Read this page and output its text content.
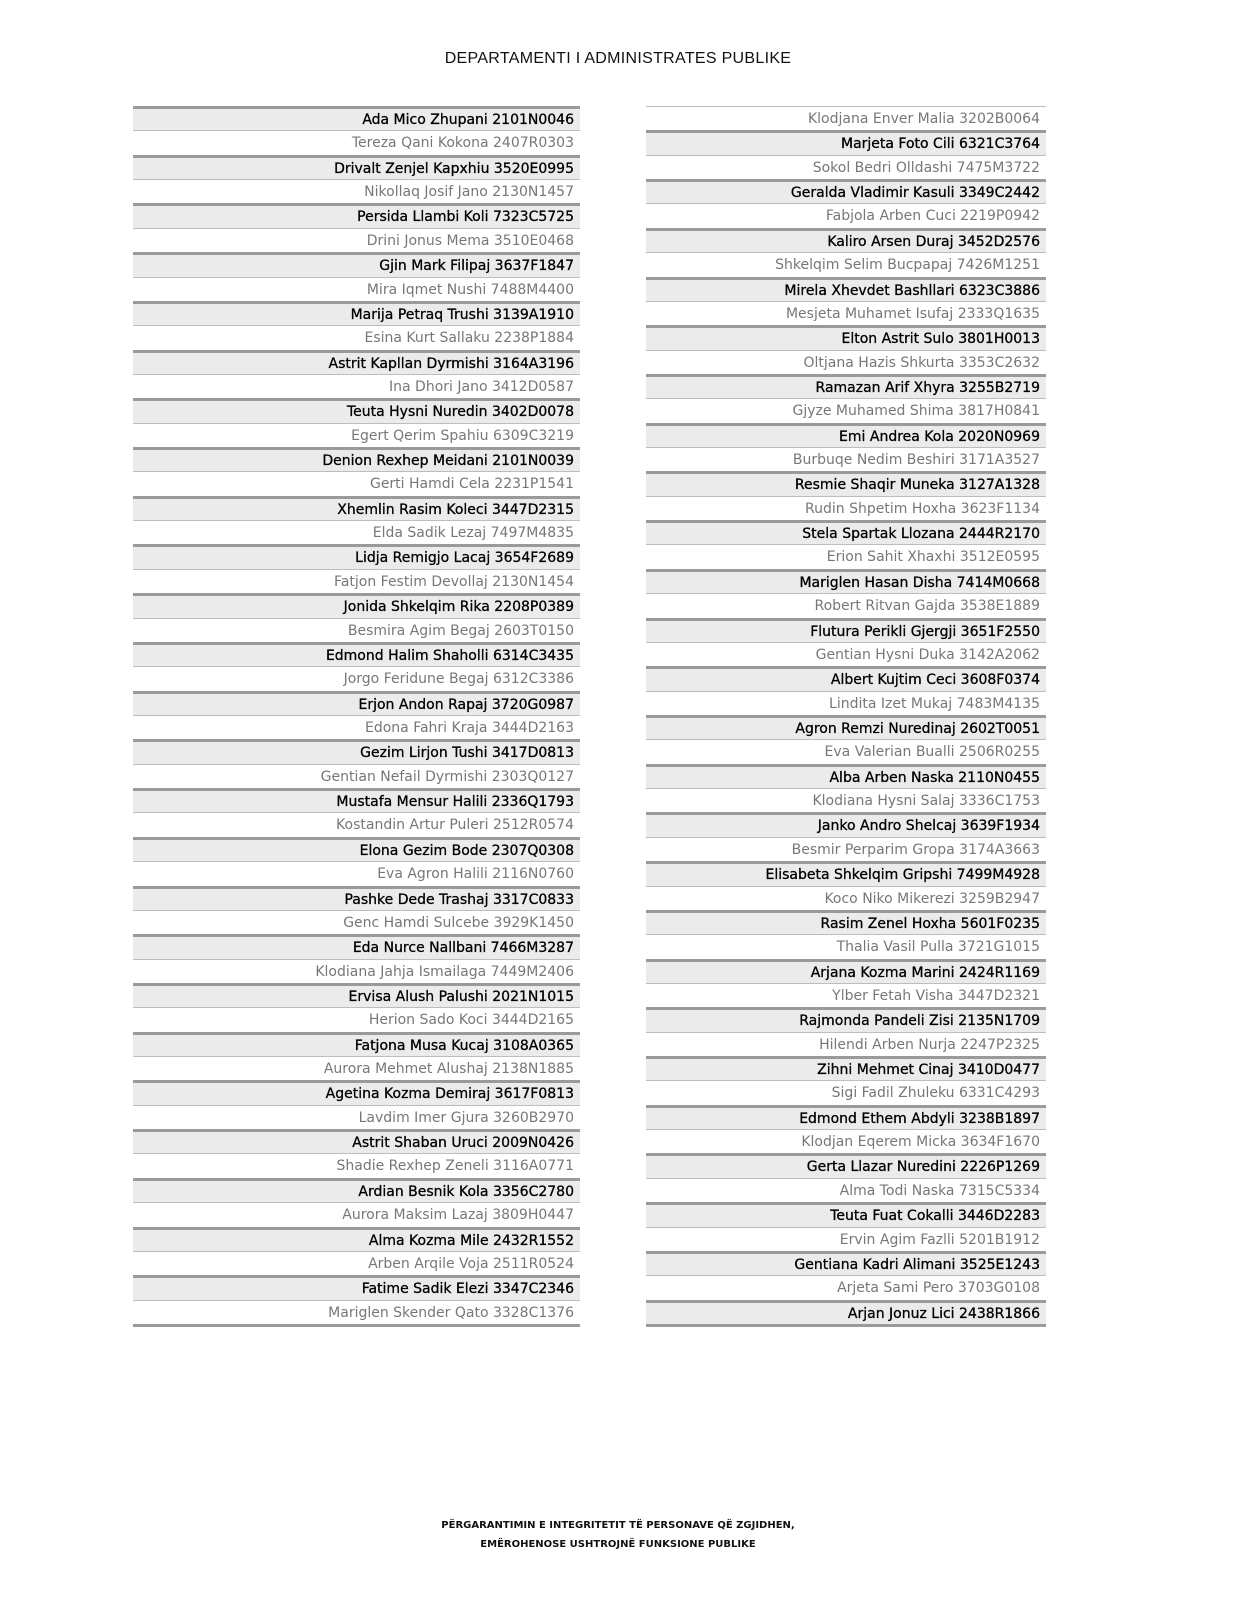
DEPARTAMENTI I ADMINISTRATES PUBLIKE
Ada Mico Zhupani 2101N0046
Tereza Qani Kokona 2407R0303
Drivalt Zenjel Kapxhiu 3520E0995
Nikollaq Josif Jano 2130N1457
Persida Llambi Koli 7323C5725
Drini Jonus Mema 3510E0468
Gjin Mark Filipaj 3637F1847
Mira Iqmet Nushi 7488M4400
Marija Petraq Trushi 3139A1910
Esina Kurt Sallaku 2238P1884
Astrit Kapllan Dyrmishi 3164A3196
Ina Dhori Jano 3412D0587
Teuta Hysni Nuredin 3402D0078
Egert Qerim Spahiu 6309C3219
Denion Rexhep Meidani 2101N0039
Gerti Hamdi Cela 2231P1541
Xhemlin Rasim Koleci 3447D2315
Elda Sadik Lezaj 7497M4835
Lidja Remigjo Lacaj 3654F2689
Fatjon Festim Devollaj 2130N1454
Jonida Shkelqim Rika 2208P0389
Besmira Agim Begaj 2603T0150
Edmond Halim Shaholli 6314C3435
Jorgo Feridune Begaj 6312C3386
Erjon Andon Rapaj 3720G0987
Edona Fahri Kraja 3444D2163
Gezim Lirjon Tushi 3417D0813
Gentian Nefail Dyrmishi 2303Q0127
Mustafa Mensur Halili 2336Q1793
Kostandin Artur Puleri 2512R0574
Elona Gezim Bode 2307Q0308
Eva Agron Halili 2116N0760
Pashke Dede Trashaj 3317C0833
Genc Hamdi Sulcebe 3929K1450
Eda Nurce Nallbani 7466M3287
Klodiana Jahja Ismailaga 7449M2406
Ervisa Alush Palushi 2021N1015
Herion Sado Koci 3444D2165
Fatjona Musa Kucaj 3108A0365
Aurora Mehmet Alushaj 2138N1885
Agetina Kozma Demiraj 3617F0813
Lavdim Imer Gjura 3260B2970
Astrit Shaban Uruci 2009N0426
Shadie Rexhep Zeneli 3116A0771
Ardian Besnik Kola 3356C2780
Aurora Maksim Lazaj 3809H0447
Alma Kozma Mile 2432R1552
Arben Arqile Voja 2511R0524
Fatime Sadik Elezi 3347C2346
Mariglen Skender Qato 3328C1376
Klodjana Enver Malia 3202B0064
Marjeta Foto Cili 6321C3764
Sokol Bedri Olldashi 7475M3722
Geralda Vladimir Kasuli 3349C2442
Fabjola Arben Cuci 2219P0942
Kaliro Arsen Duraj 3452D2576
Shkelqim Selim Bucpapaj 7426M1251
Mirela Xhevdet Bashllari 6323C3886
Mesjeta Muhamet Isufaj 2333Q1635
Elton Astrit Sulo 3801H0013
Oltjana Hazis Shkurta 3353C2632
Ramazan Arif Xhyra 3255B2719
Gjyze Muhamed Shima 3817H0841
Emi Andrea Kola 2020N0969
Burbuqe Nedim Beshiri 3171A3527
Resmie Shaqir Muneka 3127A1328
Rudin Shpetim Hoxha 3623F1134
Stela Spartak Llozana 2444R2170
Erion Sahit Xhaxhi 3512E0595
Mariglen Hasan Disha 7414M0668
Robert Ritvan Gajda 3538E1889
Flutura Perikli Gjergji 3651F2550
Gentian Hysni Duka 3142A2062
Albert Kujtim Ceci 3608F0374
Lindita Izet Mukaj 7483M4135
Agron Remzi Nuredinaj 2602T0051
Eva Valerian Bualli 2506R0255
Alba Arben Naska 2110N0455
Klodiana Hysni Salaj 3336C1753
Janko Andro Shelcaj 3639F1934
Besmir Perparim Gropa 3174A3663
Elisabeta Shkelqim Gripshi 7499M4928
Koco Niko Mikerezi 3259B2947
Rasim Zenel Hoxha 5601F0235
Thalia Vasil Pulla 3721G1015
Arjana Kozma Marini 2424R1169
Ylber Fetah Visha 3447D2321
Rajmonda Pandeli Zisi 2135N1709
Hilendi Arben Nurja 2247P2325
Zihni Mehmet Cinaj 3410D0477
Sigi Fadil Zhuleku 6331C4293
Edmond Ethem Abdyli 3238B1897
Klodjan Eqerem Micka 3634F1670
Gerta Llazar Nuredini 2226P1269
Alma Todi Naska 7315C5334
Teuta Fuat Cokalli 3446D2283
Ervin Agim Fazlli 5201B1912
Gentiana Kadri Alimani 3525E1243
Arjeta Sami Pero 3703G0108
Arjan Jonuz Lici 2438R1866
PËRGARANTIMIN E INTEGRITETIT TË PERSONAVE QË ZGJIDHEN,
EMËROHENOSE USHTROJNË FUNKSIONE PUBLIKE
